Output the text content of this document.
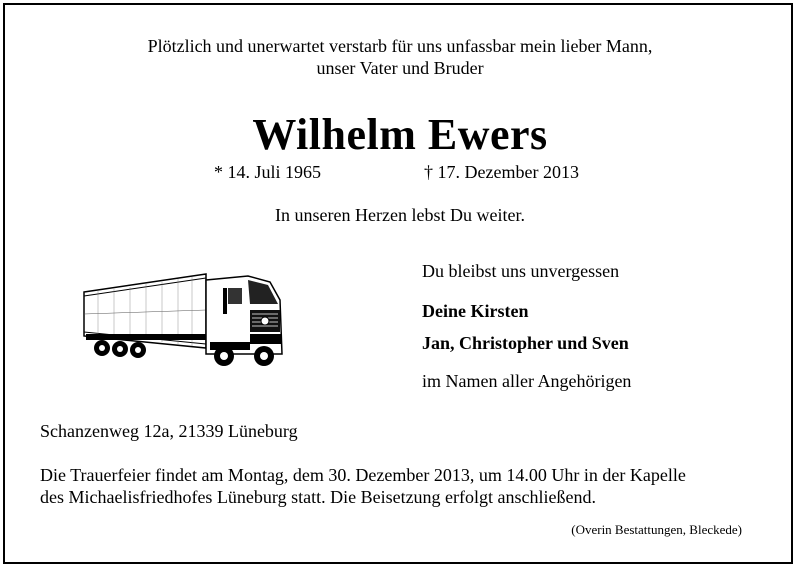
Plötzlich und unerwartet verstarb für uns unfassbar mein lieber Mann,
unser Vater und Bruder
Wilhelm Ewers
* 14. Juli 1965	† 17. Dezember 2013
In unseren Herzen lebst Du weiter.
Du bleibst uns unvergessen
Deine Kirsten
Jan, Christopher und Sven
im Namen aller Angehörigen
Schanzenweg 12a, 21339 Lüneburg
Die Trauerfeier findet am Montag, dem 30. Dezember 2013, um 14.00 Uhr in der Kapelle
des Michaelisfriedhofes Lüneburg statt. Die Beisetzung erfolgt anschließend.
(Overin Bestattungen, Bleckede)
